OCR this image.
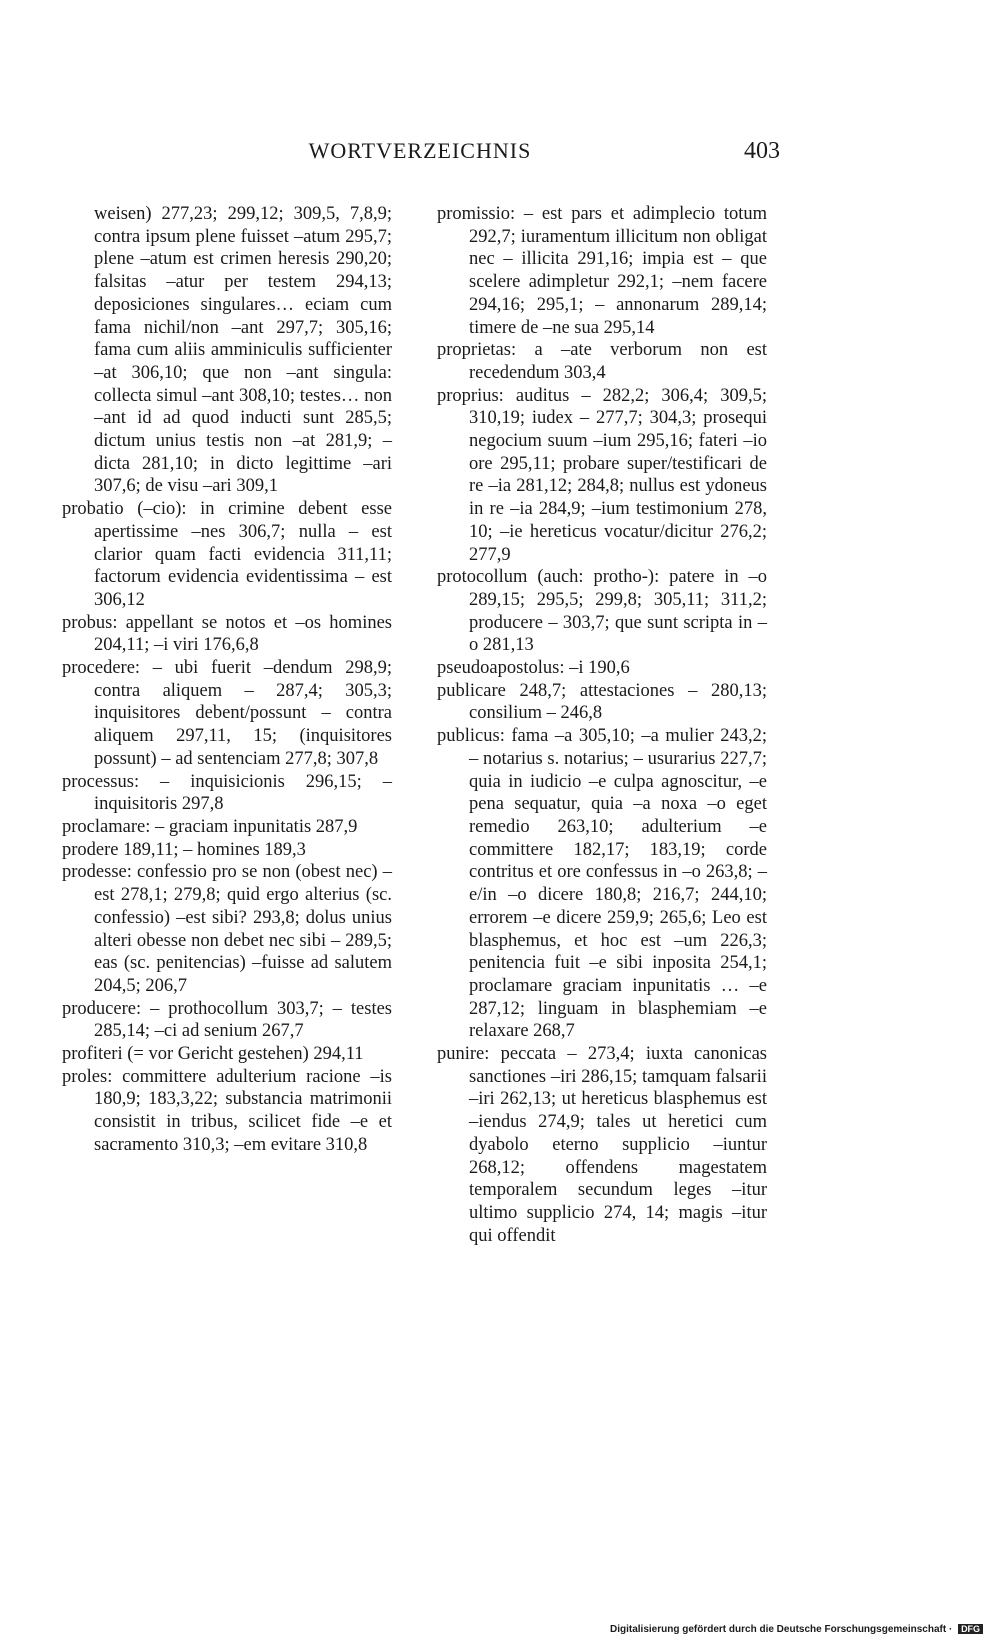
WORTVERZEICHNIS	403
weisen) 277,23; 299,12; 309,5, 7,8,9; contra ipsum plene fuisset –atum 295,7; plene –atum est crimen heresis 290,20; falsitas –atur per testem 294,13; deposiciones singulares… eciam cum fama nichil/non –ant 297,7; 305,16; fama cum aliis amminiculis sufficienter –at 306,10; que non –ant singula: collecta simul –ant 308,10; testes… non –ant id ad quod inducti sunt 285,5; dictum unius testis non –at 281,9; – dicta 281,10; in dicto legittime –ari 307,6; de visu –ari 309,1
probatio (–cio): in crimine debent esse apertissime –nes 306,7; nulla – est clarior quam facti evidencia 311,11; factorum evidencia evidentissima – est 306,12
probus: appellant se notos et –os homines 204,11; –i viri 176,6,8
procedere: – ubi fuerit –dendum 298,9; contra aliquem – 287,4; 305,3; inquisitores debent/possunt – contra aliquem 297,11, 15; (inquisitores possunt) – ad sentenciam 277,8; 307,8
processus: – inquisicionis 296,15; – inquisitoris 297,8
proclamare: – graciam inpunitatis 287,9
prodere 189,11; – homines 189,3
prodesse: confessio pro se non (obest nec) –est 278,1; 279,8; quid ergo alterius (sc. confessio) –est sibi? 293,8; dolus unius alteri obesse non debet nec sibi – 289,5; eas (sc. penitencias) –fuisse ad salutem 204,5; 206,7
producere: – prothocollum 303,7; – testes 285,14; –ci ad senium 267,7
profiteri (= vor Gericht gestehen) 294,11
proles: committere adulterium racione –is 180,9; 183,3,22; substancia matrimonii consistit in tribus, scilicet fide –e et sacramento 310,3; –em evitare 310,8
promissio: – est pars et adimplecio totum 292,7; iuramentum illicitum non obligat nec – illicita 291,16; impia est – que scelere adimpletur 292,1; –nem facere 294,16; 295,1; – annonarum 289,14; timere de –ne sua 295,14
proprietas: a –ate verborum non est recedendum 303,4
proprius: auditus – 282,2; 306,4; 309,5; 310,19; iudex – 277,7; 304,3; prosequi negocium suum –ium 295,16; fateri –io ore 295,11; probare super/testificari de re –ia 281,12; 284,8; nullus est ydoneus in re –ia 284,9; –ium testimonium 278, 10; –ie hereticus vocatur/dicitur 276,2; 277,9
protocollum (auch: protho-): patere in –o 289,15; 295,5; 299,8; 305,11; 311,2; producere – 303,7; que sunt scripta in –o 281,13
pseudoapostolus: –i 190,6
publicare 248,7; attestaciones – 280,13; consilium – 246,8
publicus: fama –a 305,10; –a mulier 243,2; – notarius s. notarius; – usurarius 227,7; quia in iudicio –e culpa agnoscitur, –e pena sequatur, quia –a noxa –o eget remedio 263,10; adulterium –e committere 182,17; 183,19; corde contritus et ore confessus in –o 263,8; –e/in –o dicere 180,8; 216,7; 244,10; errorem –e dicere 259,9; 265,6; Leo est blasphemus, et hoc est –um 226,3; penitencia fuit –e sibi inposita 254,1; proclamare graciam inpunitatis … –e 287,12; linguam in blasphemiam –e relaxare 268,7
punire: peccata – 273,4; iuxta canonicas sanctiones –iri 286,15; tamquam falsarii –iri 262,13; ut hereticus blasphemus est –iendus 274,9; tales ut heretici cum dyabolo eterno supplicio –iuntur 268,12; offendens magestatem temporalem secundum leges –itur ultimo supplicio 274, 14; magis –itur qui offendit
Digitalisierung gefördert durch die Deutsche Forschungsgemeinschaft · DFG
